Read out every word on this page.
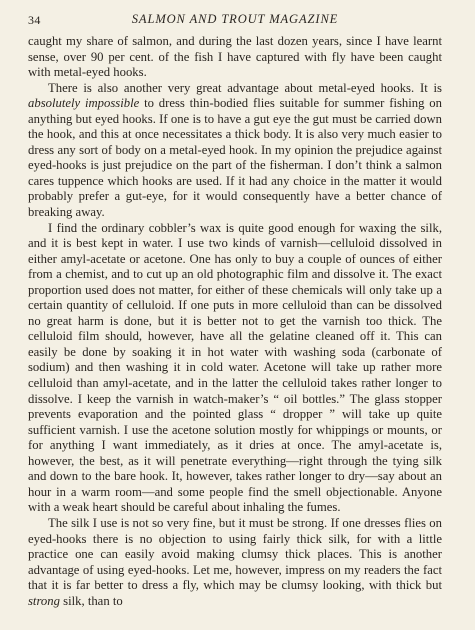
34	SALMON AND TROUT MAGAZINE

caught my share of salmon, and during the last dozen years, since I have learnt sense, over 90 per cent. of the fish I have captured with fly have been caught with metal-eyed hooks.

There is also another very great advantage about metal-eyed hooks. It is absolutely impossible to dress thin-bodied flies suitable for summer fishing on anything but eyed hooks. If one is to have a gut eye the gut must be carried down the hook, and this at once necessitates a thick body. It is also very much easier to dress any sort of body on a metal-eyed hook. In my opinion the prejudice against eyed-hooks is just prejudice on the part of the fisherman. I don’t think a salmon cares tuppence which hooks are used. If it had any choice in the matter it would probably prefer a gut-eye, for it would consequently have a better chance of breaking away.

I find the ordinary cobbler’s wax is quite good enough for waxing the silk, and it is best kept in water. I use two kinds of varnish—celluloid dissolved in either amyl-acetate or acetone. One has only to buy a couple of ounces of either from a chemist, and to cut up an old photographic film and dissolve it. The exact proportion used does not matter, for either of these chemicals will only take up a certain quantity of celluloid. If one puts in more celluloid than can be dissolved no great harm is done, but it is better not to get the varnish too thick. The celluloid film should, however, have all the gelatine cleaned off it. This can easily be done by soaking it in hot water with washing soda (carbonate of sodium) and then washing it in cold water. Acetone will take up rather more celluloid than amyl-acetate, and in the latter the celluloid takes rather longer to dissolve. I keep the varnish in watch-maker’s “ oil bottles.” The glass stopper prevents evaporation and the pointed glass “ dropper ” will take up quite sufficient varnish. I use the acetone solution mostly for whippings or mounts, or for anything I want immediately, as it dries at once. The amyl-acetate is, however, the best, as it will penetrate everything—right through the tying silk and down to the bare hook. It, however, takes rather longer to dry—say about an hour in a warm room—and some people find the smell objectionable. Anyone with a weak heart should be careful about inhaling the fumes.

The silk I use is not so very fine, but it must be strong. If one dresses flies on eyed-hooks there is no objection to using fairly thick silk, for with a little practice one can easily avoid making clumsy thick places. This is another advantage of using eyed-hooks. Let me, however, impress on my readers the fact that it is far better to dress a fly, which may be clumsy looking, with thick but strong silk, than to
